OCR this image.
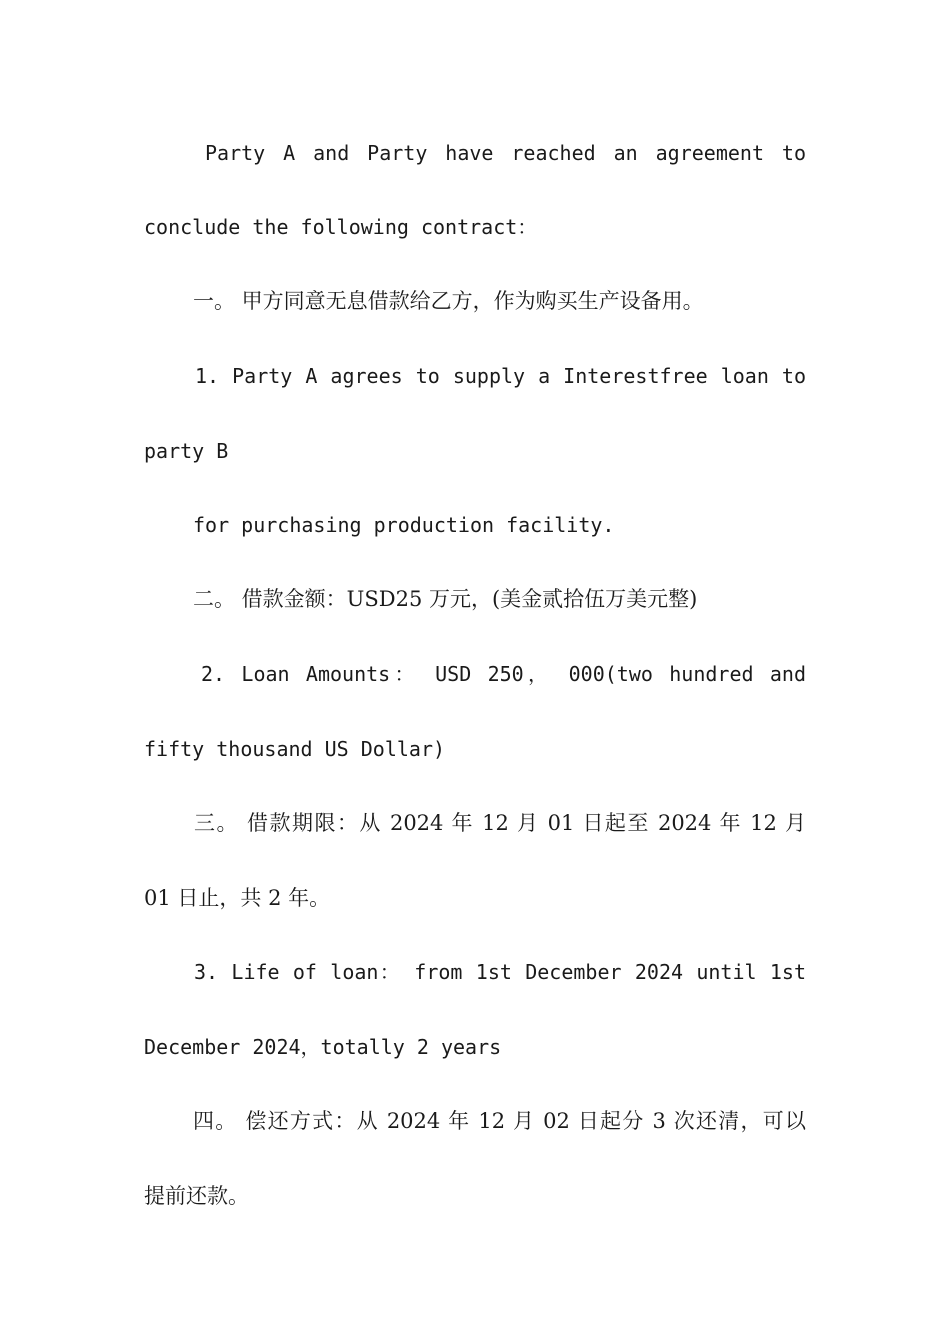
Party A and Party have reached an agreement to
conclude the following contract：
一。 甲方同意无息借款给乙方，作为购买生产设备用。
1. Party A agrees to supply a Interestfree loan to
party B
for purchasing production facility.
二。 借款金额：USD25 万元，(美金贰拾伍万美元整)
2. Loan Amounts： USD 250， 000(two hundred and
fifty thousand US Dollar)
三。 借款期限：从 2024 年 12 月 01 日起至 2024 年 12 月
01 日止，共 2 年。
3. Life of loan： from 1st December 2024 until 1st
December 2024，totally 2 years
四。 偿还方式：从 2024 年 12 月 02 日起分 3 次还清，可以
提前还款。
